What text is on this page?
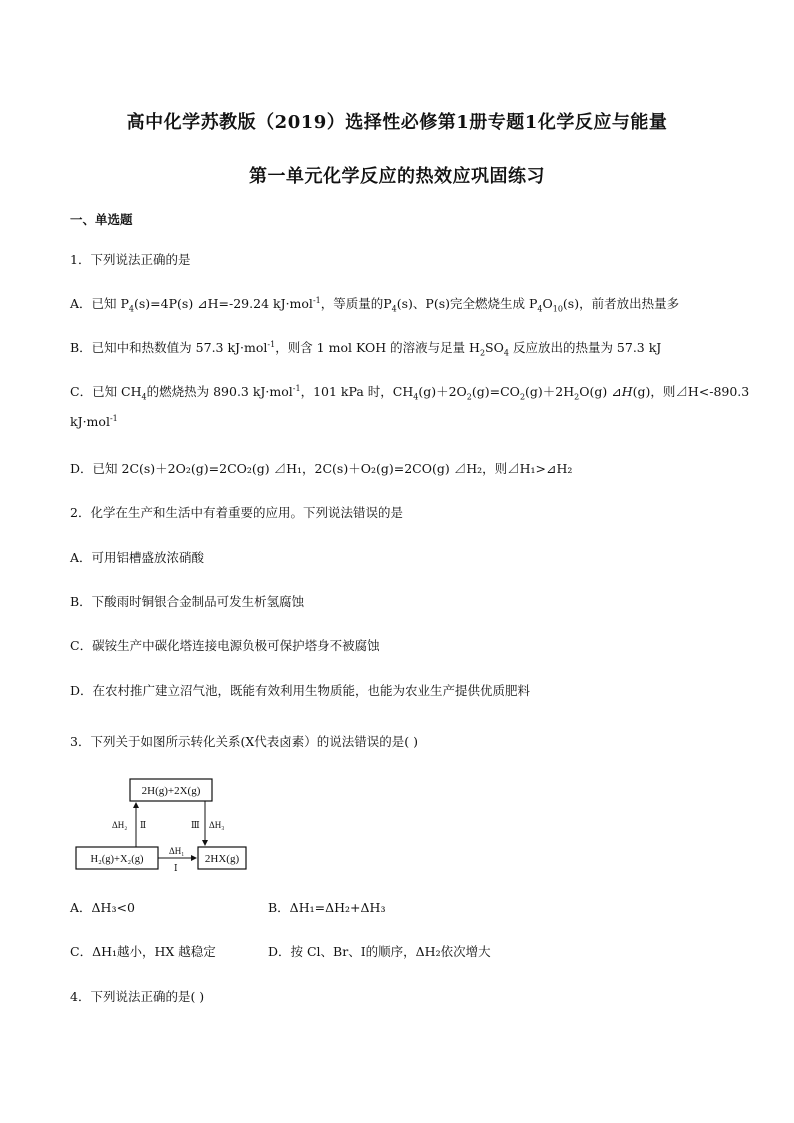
高中化学苏教版（2019）选择性必修第1册专题1化学反应与能量
第一单元化学反应的热效应巩固练习
一、单选题
1．下列说法正确的是
A．已知 $P_4(s)=4P(s)$ ⊿H=-29.24 kJ·mol$^{-1}$，等质量的$P_4(s)$、P(s)完全燃烧生成 $P_4O_{10}(s)$，前者放出热量多
B．已知中和热数值为 57.3 kJ·mol$^{-1}$，则含 1 mol KOH 的溶液与足量 $H_2SO_4$ 反应放出的热量为 57.3 kJ
C．已知 $CH_4$的燃烧热为 890.3 kJ·mol$^{-1}$，101 kPa 时，$CH_4(g)+2O_2(g)=CO_2(g)+2H_2O(g)$ ⊿H(g)，则⊿H<-890.3
kJ·mol$^{-1}$
D．已知 2C(s)＋2O₂(g)=2CO₂(g) ⊿H₁，2C(s)＋O₂(g)=2CO(g) ⊿H₂，则⊿H₁>⊿H₂
2．化学在生产和生活中有着重要的应用。下列说法错误的是
A．可用铝槽盛放浓硝酸
B．下酸雨时铜银合金制品可发生析氢腐蚀
C．碳铵生产中碳化塔连接电源负极可保护塔身不被腐蚀
D．在农村推广建立沼气池，既能有效利用生物质能，也能为农业生产提供优质肥料
3．下列关于如图所示转化关系(X代表卤素）的说法错误的是( )
2H(g)+2X(g)
H₂(g)+X₂(g)	2HX(g)
ΔH₂ Ⅱ	Ⅲ ΔH₃
ΔH₁
Ⅰ
A．ΔH₃<0	B．ΔH₁=ΔH₂+ΔH₃
C．ΔH₁越小，HX 越稳定	D．按 Cl、Br、I的顺序，ΔH₂依次增大
4．下列说法正确的是( )
